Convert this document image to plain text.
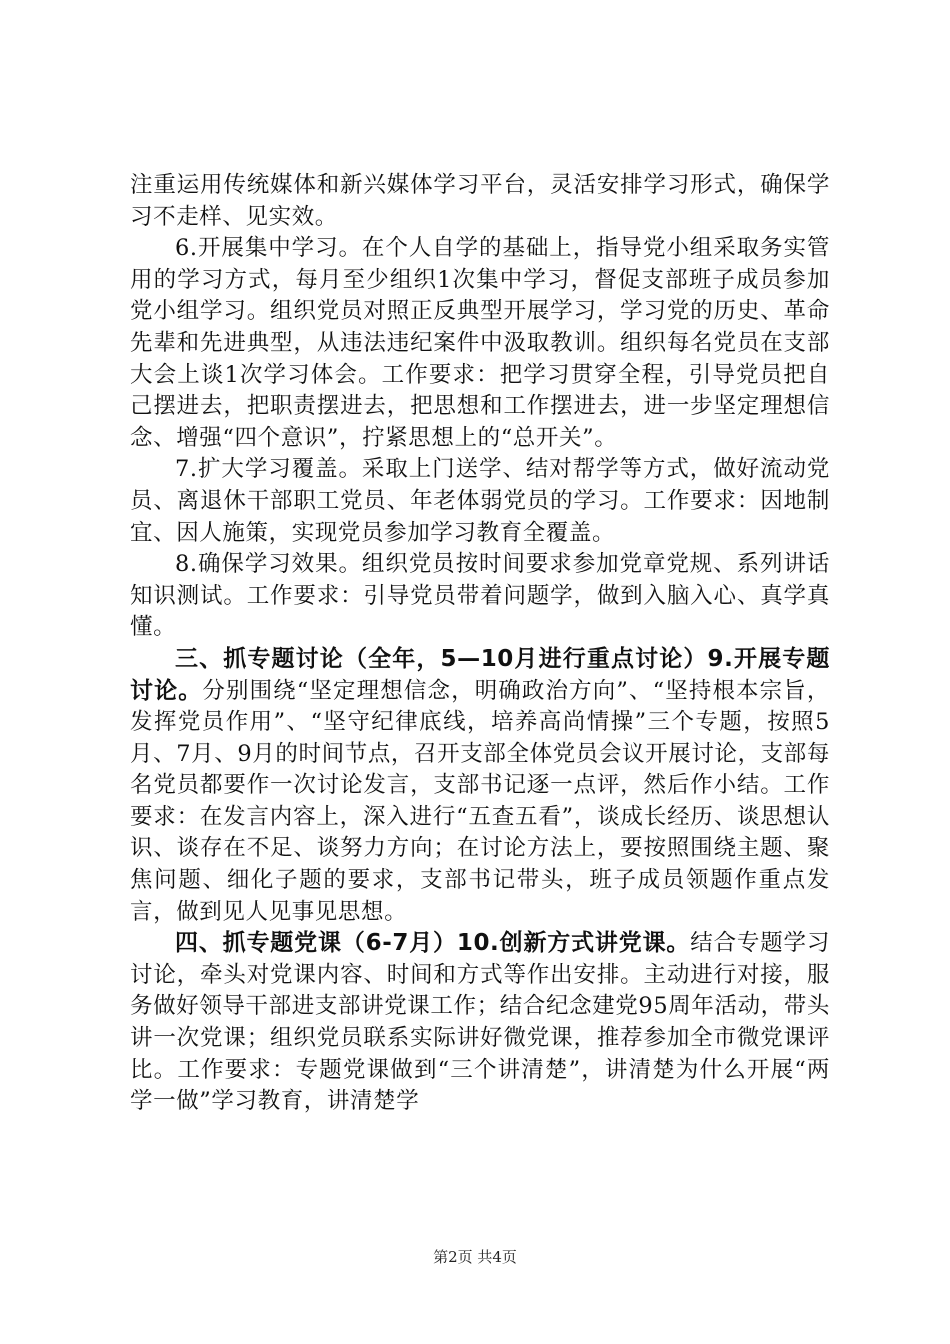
注重运用传统媒体和新兴媒体学习平台，灵活安排学习形式，确保学习不走样、见实效。

6.开展集中学习。在个人自学的基础上，指导党小组采取务实管用的学习方式，每月至少组织1次集中学习，督促支部班子成员参加党小组学习。组织党员对照正反典型开展学习，学习党的历史、革命先辈和先进典型，从违法违纪案件中汲取教训。组织每名党员在支部大会上谈1次学习体会。工作要求：把学习贯穿全程，引导党员把自己摆进去，把职责摆进去，把思想和工作摆进去，进一步坚定理想信念、增强“四个意识”，拧紧思想上的“总开关”。

7.扩大学习覆盖。采取上门送学、结对帮学等方式，做好流动党员、离退休干部职工党员、年老体弱党员的学习。工作要求：因地制宜、因人施策，实现党员参加学习教育全覆盖。

8.确保学习效果。组织党员按时间要求参加党章党规、系列讲话知识测试。工作要求：引导党员带着问题学，做到入脑入心、真学真懂。

三、抓专题讨论（全年，5—10月进行重点讨论）9.开展专题讨论。分别围绕“坚定理想信念，明确政治方向”、“坚持根本宗旨，发挥党员作用”、“坚守纪律底线，培养高尚情操”三个专题，按照5月、7月、9月的时间节点，召开支部全体党员会议开展讨论，支部每名党员都要作一次讨论发言，支部书记逐一点评，然后作小结。工作要求：在发言内容上，深入进行“五查五看”，谈成长经历、谈思想认识、谈存在不足、谈努力方向；在讨论方法上，要按照围绕主题、聚焦问题、细化子题的要求，支部书记带头，班子成员领题作重点发言，做到见人见事见思想。

四、抓专题党课（6-7月）10.创新方式讲党课。结合专题学习讨论，牵头对党课内容、时间和方式等作出安排。主动进行对接，服务做好领导干部进支部讲党课工作；结合纪念建党95周年活动，带头讲一次党课；组织党员联系实际讲好微党课，推荐参加全市微党课评比。工作要求：专题党课做到“三个讲清楚”，讲清楚为什么开展“两学一做”学习教育，讲清楚学

第2页 共4页
